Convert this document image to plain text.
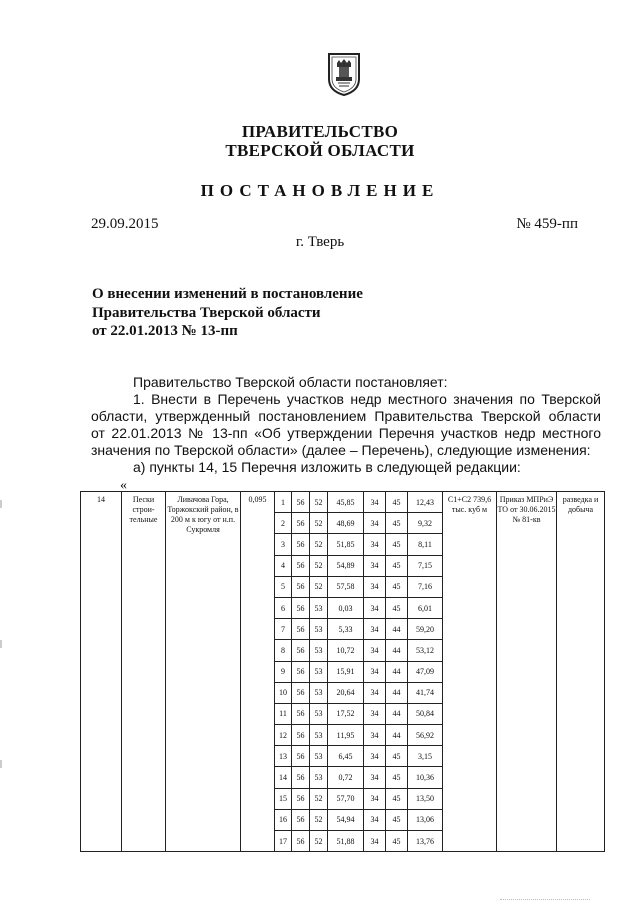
ПРАВИТЕЛЬСТВО
ТВЕРСКОЙ ОБЛАСТИ
ПОСТАНОВЛЕНИЕ
29.09.2015	№ 459-пп
г. Тверь
О внесении изменений в постановление
Правительства Тверской области
от 22.01.2013 № 13-пп

Правительство Тверской области постановляет:

1. Внести в Перечень участков недр местного значения по Тверской

области, утвержденный постановлением Правительства Тверской области

от 22.01.2013 № 13-пп «Об утверждении Перечня участков недр местного

значения по Тверской области» (далее – Перечень), следующие изменения:

а) пункты 14, 15 Перечня изложить в следующей редакции:

«
14	Пески строи-тельные	Ливачова Гора, Торжокский район, в 200 м к югу от н.п. Сукромля	0,095	1	56	52	45,85	34	45	12,43	С1+С2 739,6 тыс. куб м	Приказ МПРиЭ ТО от 30.06.2015 № 81-кв	разведка и добыча
				2	56	52	48,69	34	45	9,32			
				3	56	52	51,85	34	45	8,11			
				4	56	52	54,89	34	45	7,15			
				5	56	52	57,58	34	45	7,16			
				6	56	53	0,03	34	45	6,01			
				7	56	53	5,33	34	44	59,20			
				8	56	53	10,72	34	44	53,12			
				9	56	53	15,91	34	44	47,09			
				10	56	53	20,64	34	44	41,74			
				11	56	53	17,52	34	44	50,84			
				12	56	53	11,95	34	44	56,92			
				13	56	53	6,45	34	45	3,15			
				14	56	53	0,72	34	45	10,36			
				15	56	52	57,70	34	45	13,50			
				16	56	52	54,94	34	45	13,06			
				17	56	52	51,88	34	45	13,76			
